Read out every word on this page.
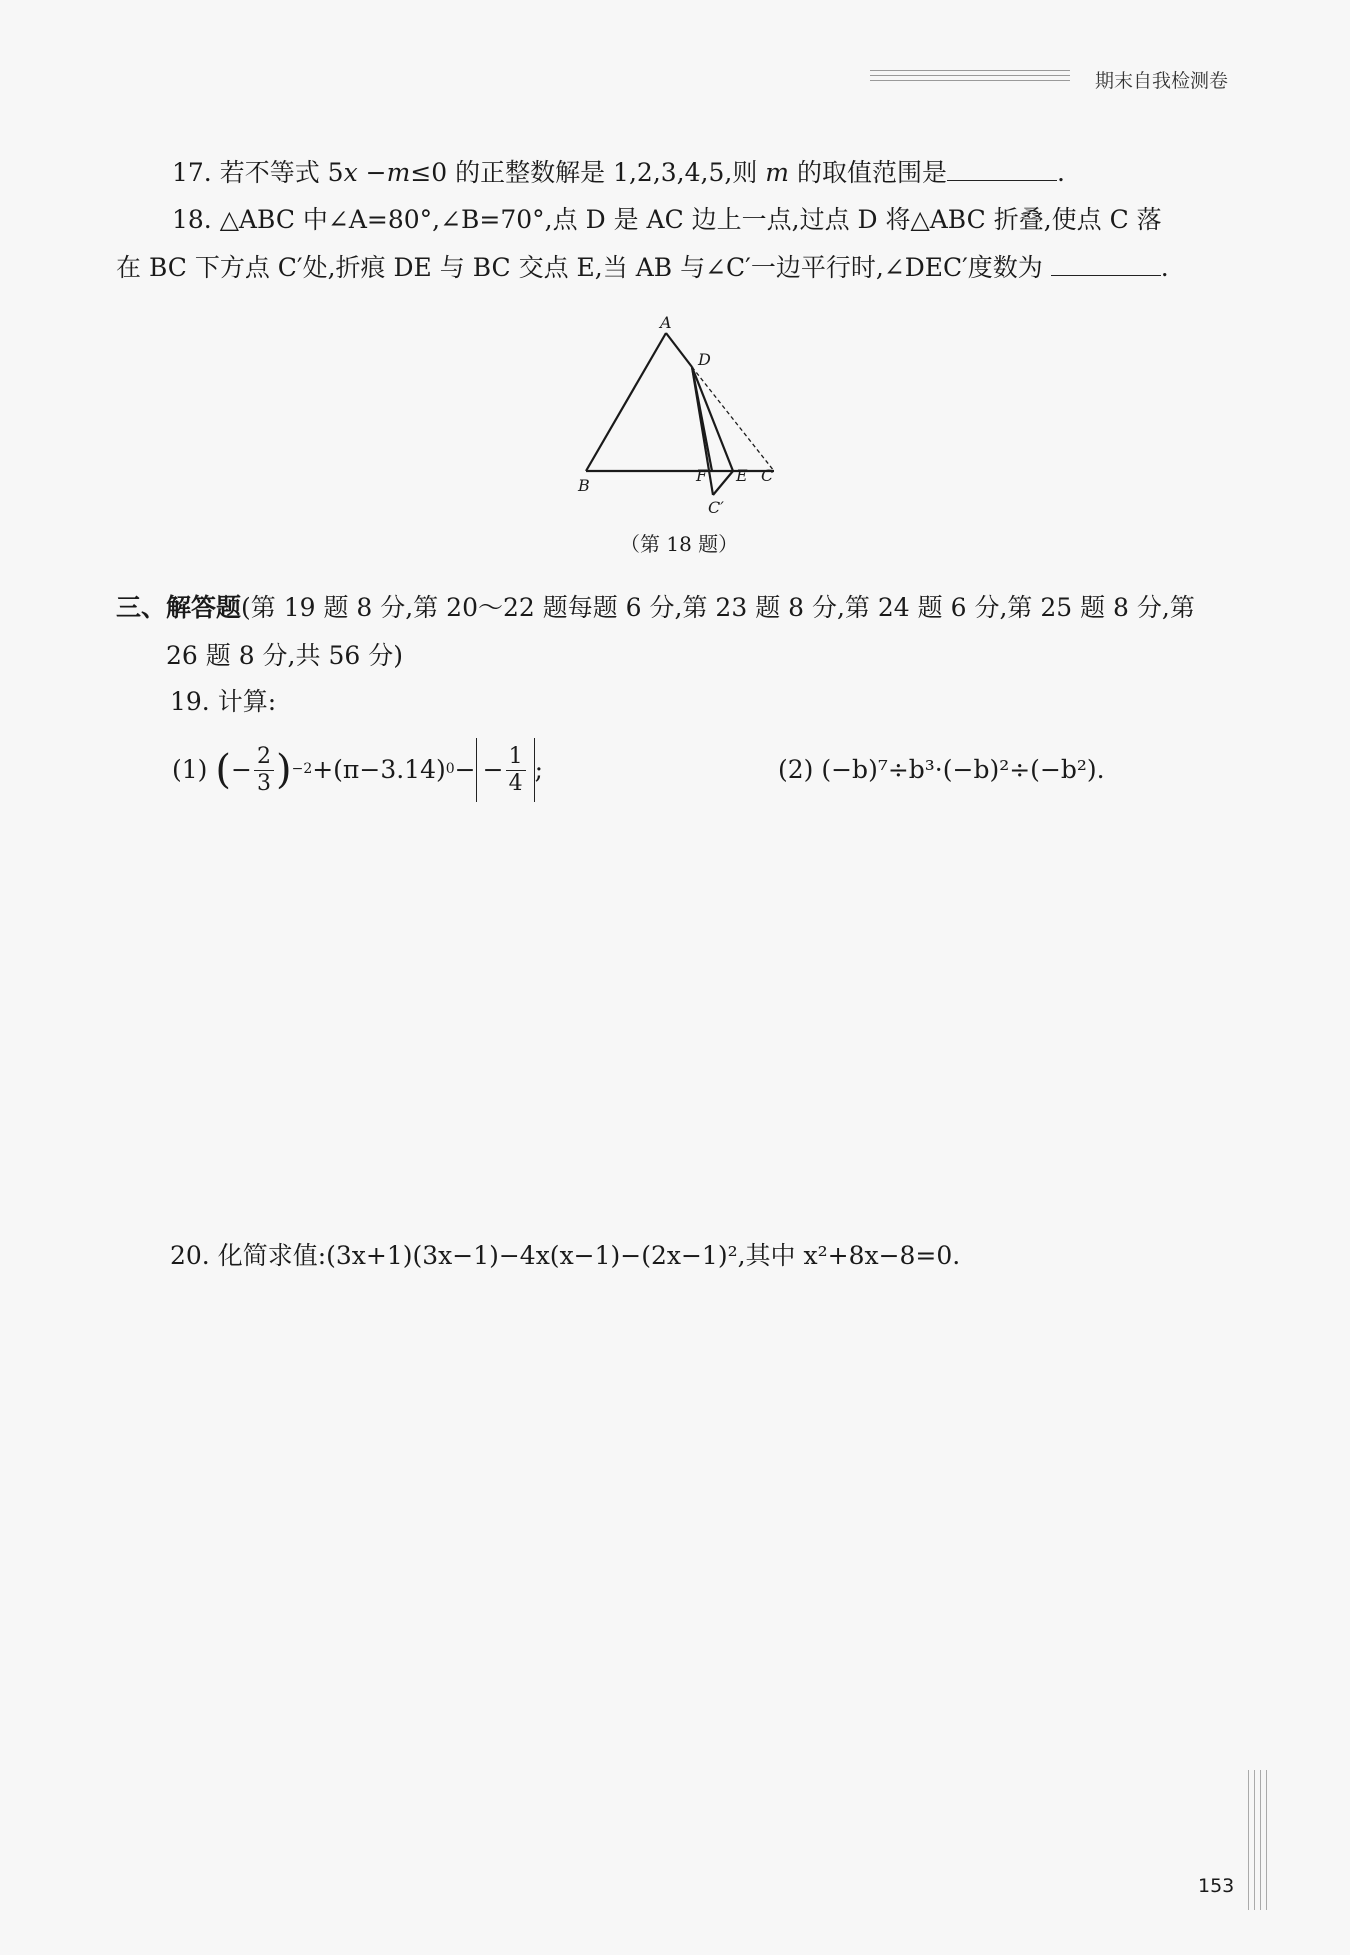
期末自我检测卷
17. 若不等式 5x −m≤0 的正整数解是 1,2,3,4,5,则 m 的取值范围是	.
18. △ABC 中∠A=80°,∠B=70°,点 D 是 AC 边上一点,过点 D 将△ABC 折叠,使点 C 落
在 BC 下方点 C′处,折痕 DE 与 BC 交点 E,当 AB 与∠C′一边平行时,∠DEC′度数为	.
A
D
B
F E C
C′
（第 18 题）
三、解答题(第 19 题 8 分,第 20～22 题每题 6 分,第 23 题 8 分,第 24 题 6 分,第 25 题 8 分,第
26 题 8 分,共 56 分)
19. 计算:
(1) ( − $\frac{2}{3}$ ) −2 +(π−3.14) 0 − − $\frac{1}{4}$ ;	(2) (−b)⁷÷b³·(−b)²÷(−b²).
20. 化简求值:(3x+1)(3x−1)−4x(x−1)−(2x−1)²,其中 x²+8x−8=0.
153
